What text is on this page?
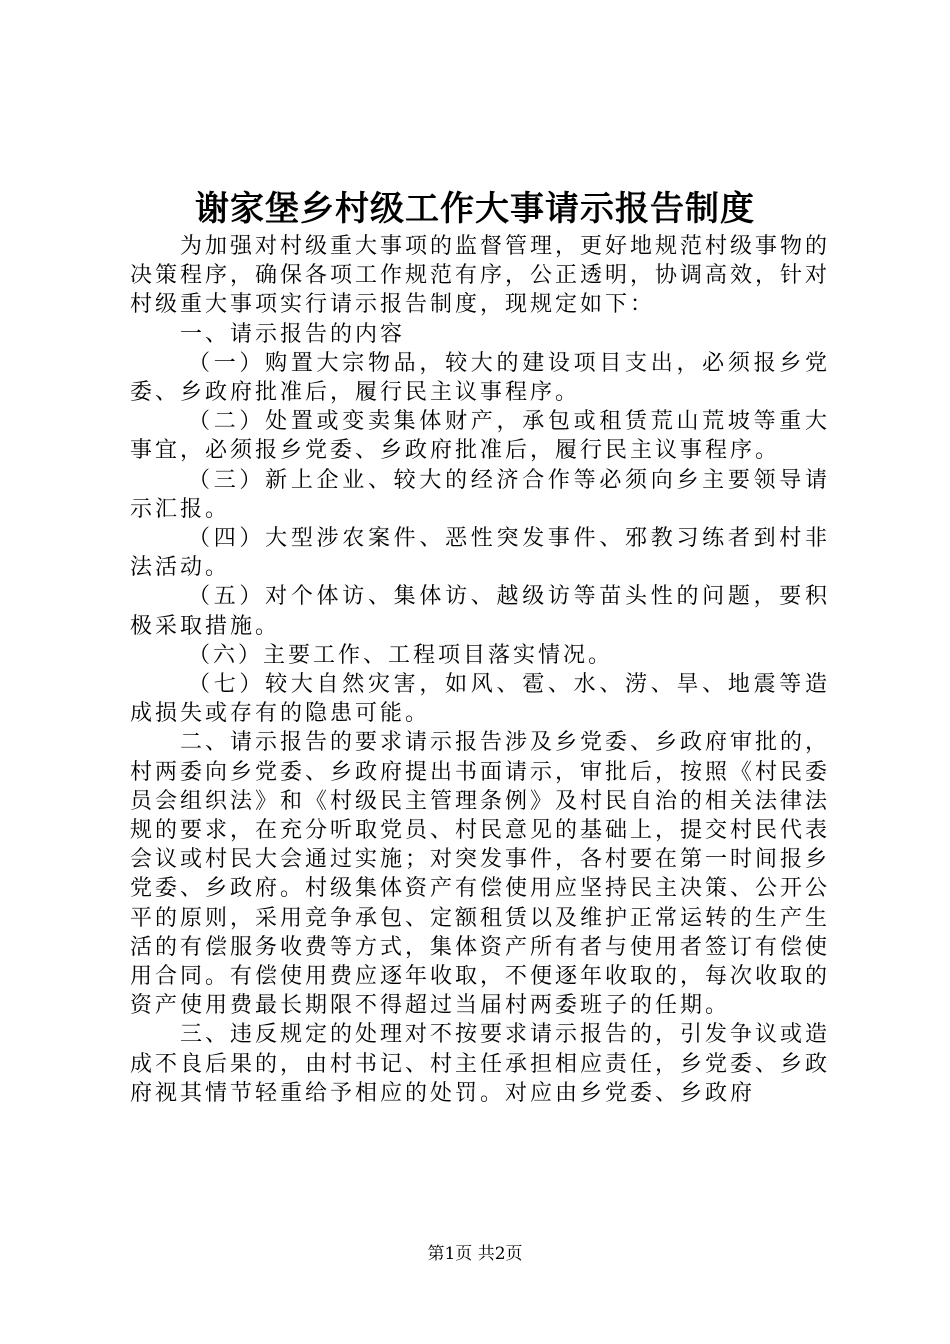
谢家堡乡村级工作大事请示报告制度

为加强对村级重大事项的监督管理，更好地规范村级事物的决策程序，确保各项工作规范有序，公正透明，协调高效，针对村级重大事项实行请示报告制度，现规定如下：

一、请示报告的内容

（一）购置大宗物品，较大的建设项目支出，必须报乡党委、乡政府批准后，履行民主议事程序。

（二）处置或变卖集体财产，承包或租赁荒山荒坡等重大事宜，必须报乡党委、乡政府批准后，履行民主议事程序。

（三）新上企业、较大的经济合作等必须向乡主要领导请示汇报。

（四）大型涉农案件、恶性突发事件、邪教习练者到村非法活动。

（五）对个体访、集体访、越级访等苗头性的问题，要积极采取措施。

（六）主要工作、工程项目落实情况。

（七）较大自然灾害，如风、雹、水、涝、旱、地震等造成损失或存有的隐患可能。

二、请示报告的要求请示报告涉及乡党委、乡政府审批的，村两委向乡党委、乡政府提出书面请示，审批后，按照《村民委员会组织法》和《村级民主管理条例》及村民自治的相关法律法规的要求，在充分听取党员、村民意见的基础上，提交村民代表会议或村民大会通过实施；对突发事件，各村要在第一时间报乡党委、乡政府。村级集体资产有偿使用应坚持民主决策、公开公平的原则，采用竞争承包、定额租赁以及维护正常运转的生产生活的有偿服务收费等方式，集体资产所有者与使用者签订有偿使用合同。有偿使用费应逐年收取，不便逐年收取的，每次收取的资产使用费最长期限不得超过当届村两委班子的任期。

三、违反规定的处理对不按要求请示报告的，引发争议或造成不良后果的，由村书记、村主任承担相应责任，乡党委、乡政府视其情节轻重给予相应的处罚。对应由乡党委、乡政府

第1页 共2页
